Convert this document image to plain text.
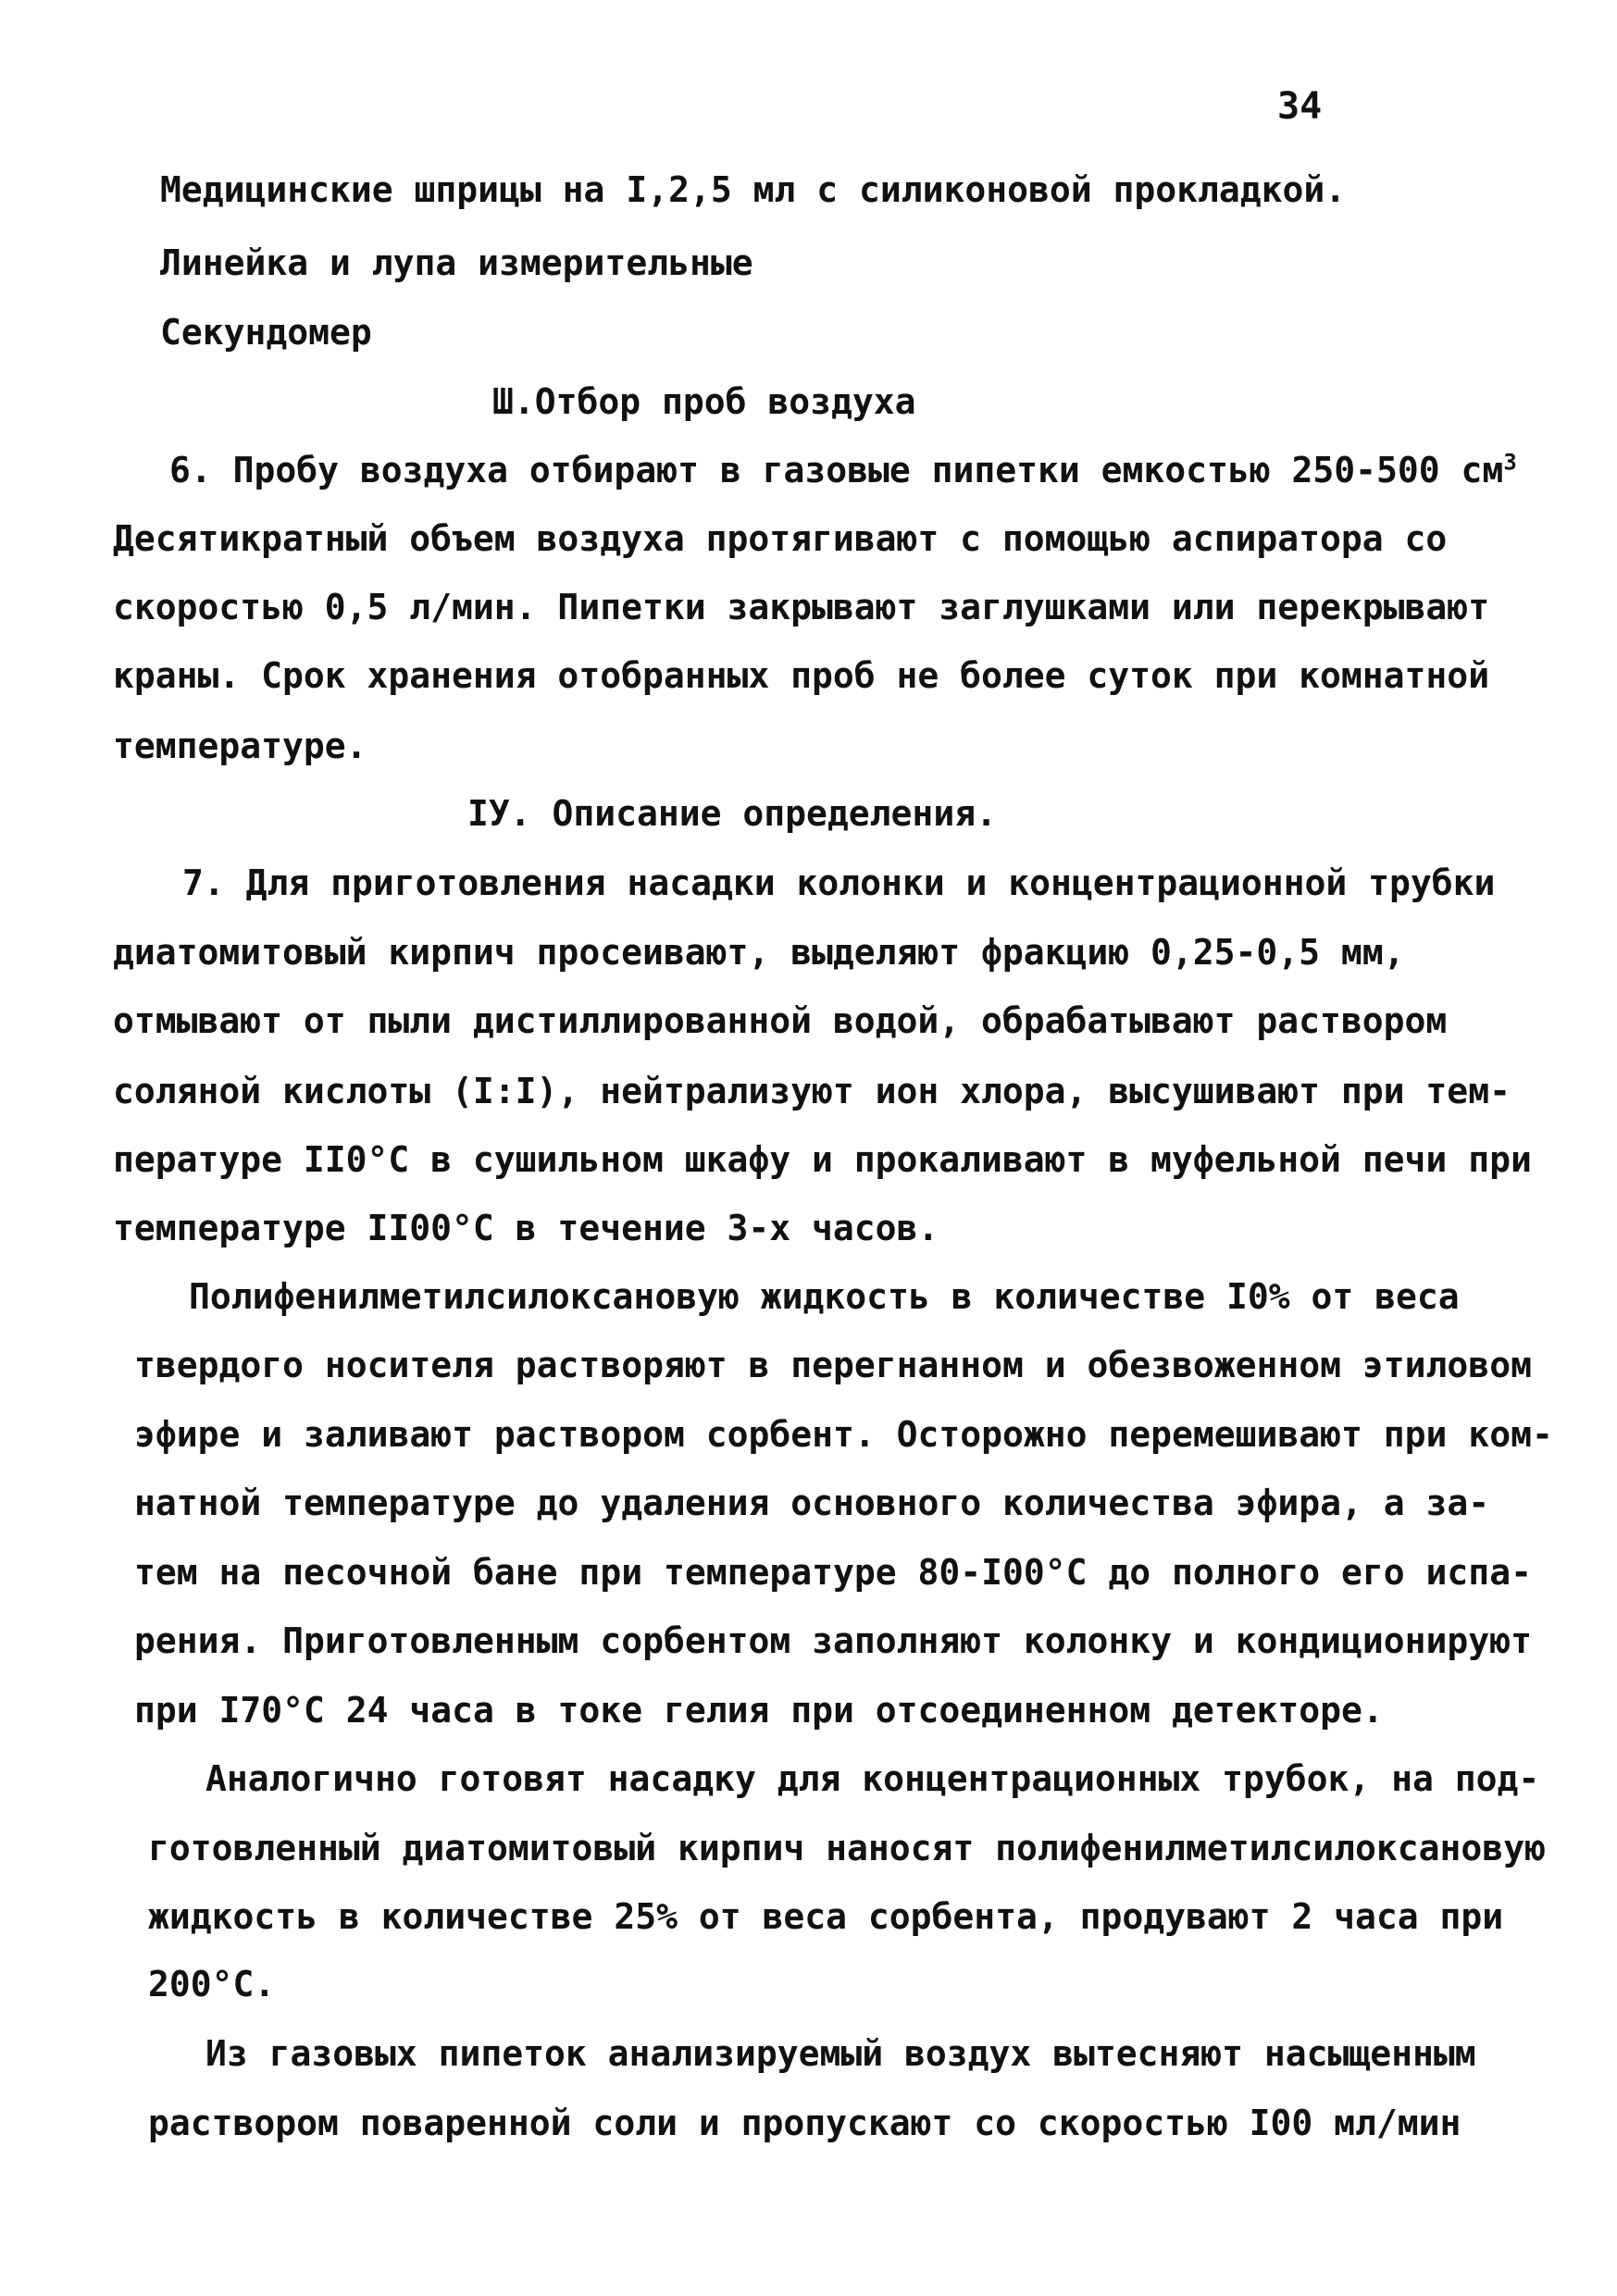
34
Медицинские шприцы на I,2,5 мл с силиконовой прокладкой.
Линейка и лупа измерительные
Секундомер
Ш.Отбор проб воздуха
6. Пробу воздуха отбирают в газовые пипетки емкостью 250-500 $см^3$
Десятикратный объем воздуха протягивают с помощью аспиратора со
скоростью 0,5 л/мин. Пипетки закрывают заглушками или перекрывают
краны. Срок хранения отобранных проб не более суток при комнатной
температуре.
IУ. Описание определения.
7. Для приготовления насадки колонки и концентрационной трубки
диатомитовый кирпич просеивают, выделяют фракцию 0,25-0,5 мм,
отмывают от пыли дистиллированной водой, обрабатывают раствором
соляной кислоты (I:I), нейтрализуют ион хлора, высушивают при тем-
пературе II0°С в сушильном шкафу и прокаливают в муфельной печи при
температуре II00°С в течение 3-х часов.
Полифенилметилсилоксановую жидкость в количестве I0% от веса
твердого носителя растворяют в перегнанном и обезвоженном этиловом
эфире и заливают раствором сорбент. Осторожно перемешивают при ком-
натной температуре до удаления основного количества эфира, а за-
тем на песочной бане при температуре 80-I00°С до полного его испа-
рения. Приготовленным сорбентом заполняют колонку и кондиционируют
при I70°С 24 часа в токе гелия при отсоединенном детекторе.
Аналогично готовят насадку для концентрационных трубок, на под-
готовленный диатомитовый кирпич наносят полифенилметилсилоксановую
жидкость в количестве 25% от веса сорбента, продувают 2 часа при
200°С.
Из газовых пипеток анализируемый воздух вытесняют насыщенным
раствором поваренной соли и пропускают со скоростью I00 мл/мин
